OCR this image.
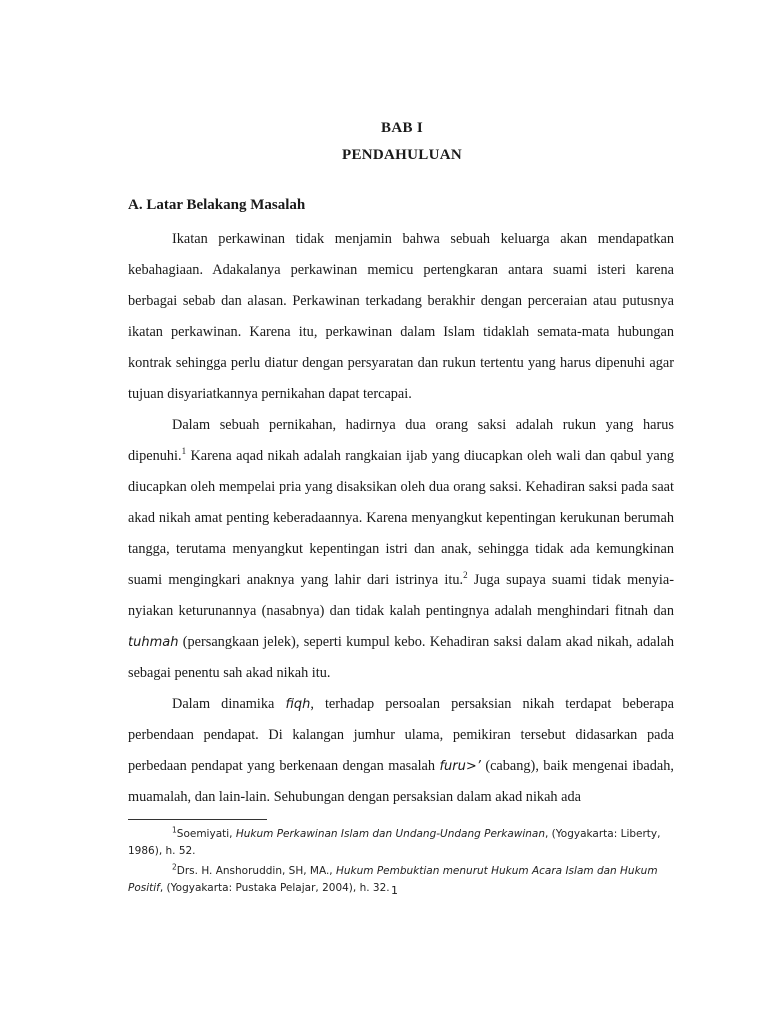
BAB I
PENDAHULUAN
A. Latar Belakang Masalah

Ikatan perkawinan tidak menjamin bahwa sebuah keluarga akan mendapatkan kebahagiaan. Adakalanya perkawinan memicu pertengkaran antara suami isteri karena berbagai sebab dan alasan. Perkawinan terkadang berakhir dengan perceraian atau putusnya ikatan perkawinan. Karena itu, perkawinan dalam Islam tidaklah semata-mata hubungan kontrak sehingga perlu diatur dengan persyaratan dan rukun tertentu yang harus dipenuhi agar tujuan disyariatkannya pernikahan dapat tercapai.

Dalam sebuah pernikahan, hadirnya dua orang saksi adalah rukun yang harus dipenuhi.$^1$ Karena aqad nikah adalah rangkaian ijab yang diucapkan oleh wali dan qabul yang diucapkan oleh mempelai pria yang disaksikan oleh dua orang saksi. Kehadiran saksi pada saat akad nikah amat penting keberadaannya. Karena menyangkut kepentingan kerukunan berumah tangga, terutama menyangkut kepentingan istri dan anak, sehingga tidak ada kemungkinan suami mengingkari anaknya yang lahir dari istrinya itu.$^2$ Juga supaya suami tidak menyia-nyiakan keturunannya (nasabnya) dan tidak kalah pentingnya adalah menghindari fitnah dan tuhmah (persangkaan jelek), seperti kumpul kebo. Kehadiran saksi dalam akad nikah, adalah sebagai penentu sah akad nikah itu.

Dalam dinamika fiqh, terhadap persoalan persaksian nikah terdapat beberapa perbendaan pendapat. Di kalangan jumhur ulama, pemikiran tersebut didasarkan pada perbedaan pendapat yang berkenaan dengan masalah furu>’ (cabang), baik mengenai ibadah, muamalah, dan lain-lain. Sehubungan dengan persaksian dalam akad nikah ada

$^1$Soemiyati, Hukum Perkawinan Islam dan Undang-Undang Perkawinan, (Yogyakarta: Liberty, 1986), h. 52.

$^2$Drs. H. Anshoruddin, SH, MA., Hukum Pembuktian menurut Hukum Acara Islam dan Hukum Positif, (Yogyakarta: Pustaka Pelajar, 2004), h. 32. 1
